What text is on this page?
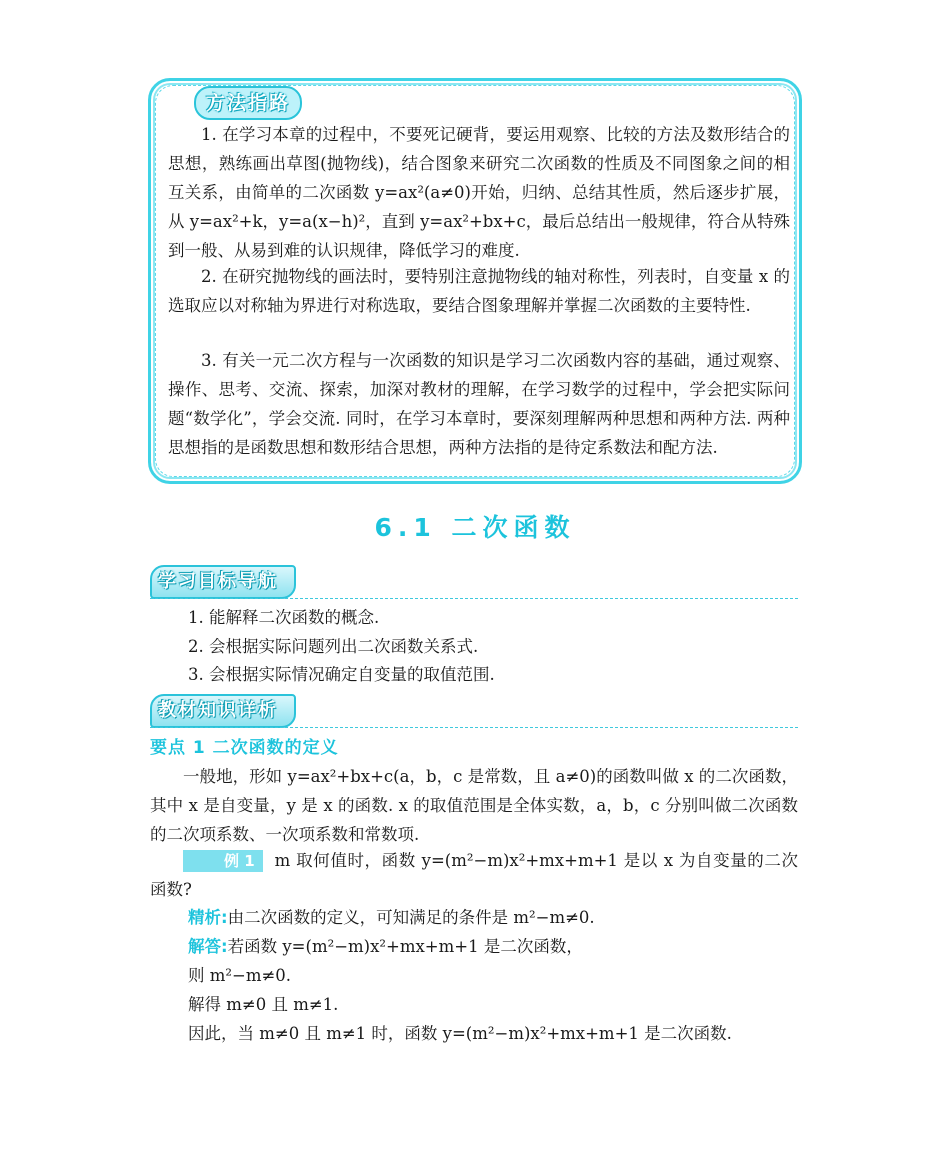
方法指路

1. 在学习本章的过程中，不要死记硬背，要运用观察、比较的方法及数形结合的思想，熟练画出草图(抛物线)，结合图象来研究二次函数的性质及不同图象之间的相互关系，由简单的二次函数 y=ax²(a≠0)开始，归纳、总结其性质，然后逐步扩展，从 y=ax²+k，y=a(x−h)²，直到 y=ax²+bx+c，最后总结出一般规律，符合从特殊到一般、从易到难的认识规律，降低学习的难度.

2. 在研究抛物线的画法时，要特别注意抛物线的轴对称性，列表时，自变量 x 的选取应以对称轴为界进行对称选取，要结合图象理解并掌握二次函数的主要特性.

3. 有关一元二次方程与一次函数的知识是学习二次函数内容的基础，通过观察、操作、思考、交流、探索，加深对教材的理解，在学习数学的过程中，学会把实际问题“数学化”，学会交流. 同时，在学习本章时，要深刻理解两种思想和两种方法. 两种思想指的是函数思想和数形结合思想，两种方法指的是待定系数法和配方法.

6.1 二次函数
学习目标导航
1. 能解释二次函数的概念.
2. 会根据实际问题列出二次函数关系式.
3. 会根据实际情况确定自变量的取值范围.
教材知识详析
要点 1 二次函数的定义

一般地，形如 y=ax²+bx+c(a，b，c 是常数，且 a≠0)的函数叫做 x 的二次函数，其中 x 是自变量，y 是 x 的函数. x 的取值范围是全体实数，a，b，c 分别叫做二次函数的二次项系数、一次项系数和常数项.

例 1 m 取何值时，函数 y=(m²−m)x²+mx+m+1 是以 x 为自变量的二次函数?

精析:由二次函数的定义，可知满足的条件是 m²−m≠0.
解答:若函数 y=(m²−m)x²+mx+m+1 是二次函数，
则 m²−m≠0.
解得 m≠0 且 m≠1.
因此，当 m≠0 且 m≠1 时，函数 y=(m²−m)x²+mx+m+1 是二次函数.
